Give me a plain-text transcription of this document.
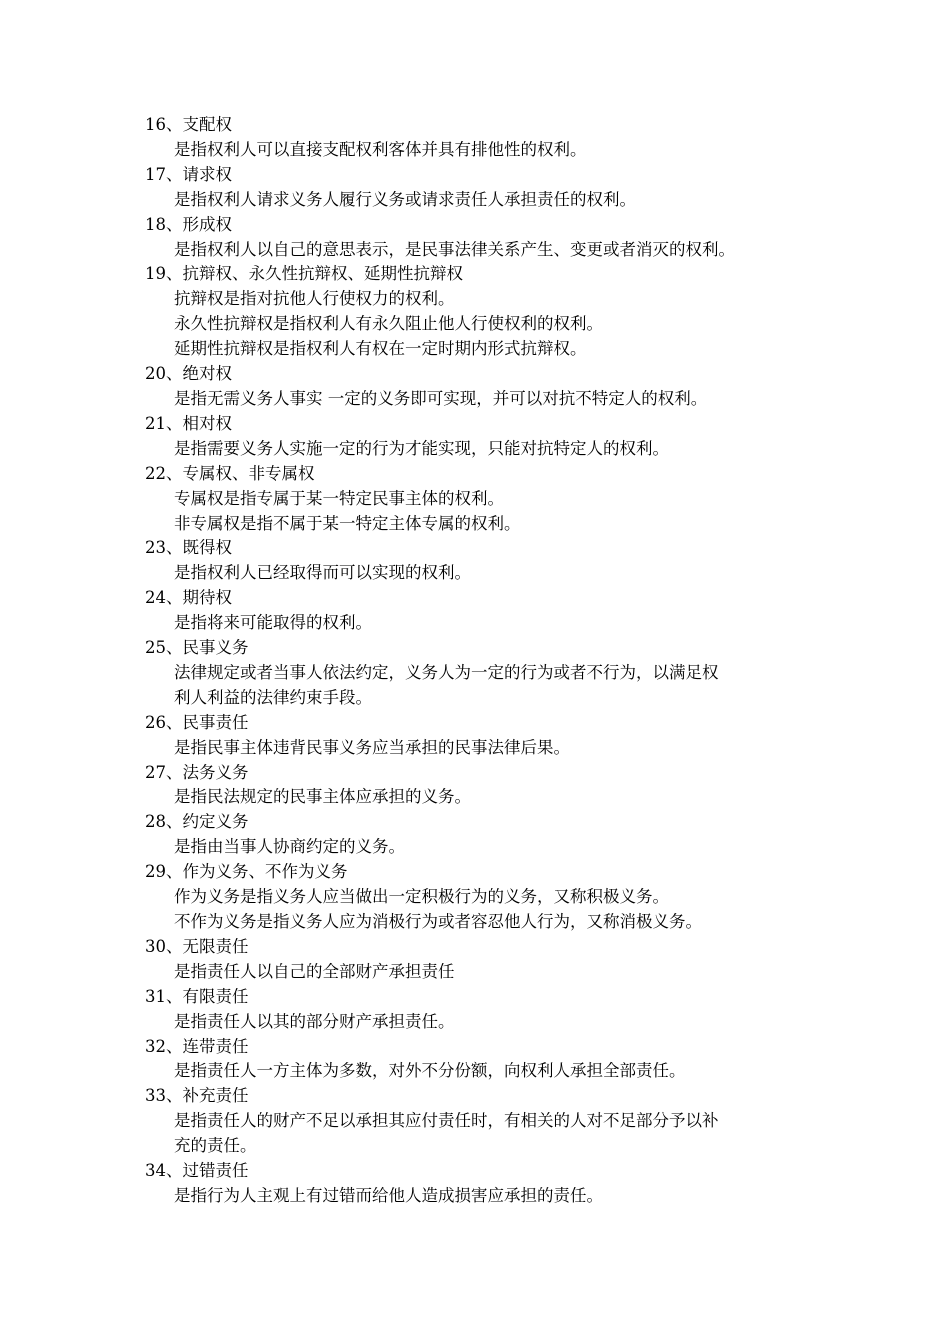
16、支配权
是指权利人可以直接支配权利客体并具有排他性的权利。
17、请求权
是指权利人请求义务人履行义务或请求责任人承担责任的权利。
18、形成权
是指权利人以自己的意思表示，是民事法律关系产生、变更或者消灭的权利。
19、抗辩权、永久性抗辩权、延期性抗辩权
抗辩权是指对抗他人行使权力的权利。
永久性抗辩权是指权利人有永久阻止他人行使权利的权利。
延期性抗辩权是指权利人有权在一定时期内形式抗辩权。
20、绝对权
是指无需义务人事实 一定的义务即可实现，并可以对抗不特定人的权利。
21、相对权
是指需要义务人实施一定的行为才能实现，只能对抗特定人的权利。
22、专属权、非专属权
专属权是指专属于某一特定民事主体的权利。
非专属权是指不属于某一特定主体专属的权利。
23、既得权
是指权利人已经取得而可以实现的权利。
24、期待权
是指将来可能取得的权利。
25、民事义务
法律规定或者当事人依法约定，义务人为一定的行为或者不行为，以满足权
利人利益的法律约束手段。
26、民事责任
是指民事主体违背民事义务应当承担的民事法律后果。
27、法务义务
是指民法规定的民事主体应承担的义务。
28、约定义务
是指由当事人协商约定的义务。
29、作为义务、不作为义务
作为义务是指义务人应当做出一定积极行为的义务，又称积极义务。
不作为义务是指义务人应为消极行为或者容忍他人行为，又称消极义务。
30、无限责任
是指责任人以自己的全部财产承担责任
31、有限责任
是指责任人以其的部分财产承担责任。
32、连带责任
是指责任人一方主体为多数，对外不分份额，向权利人承担全部责任。
33、补充责任
是指责任人的财产不足以承担其应付责任时，有相关的人对不足部分予以补
充的责任。
34、过错责任
是指行为人主观上有过错而给他人造成损害应承担的责任。
